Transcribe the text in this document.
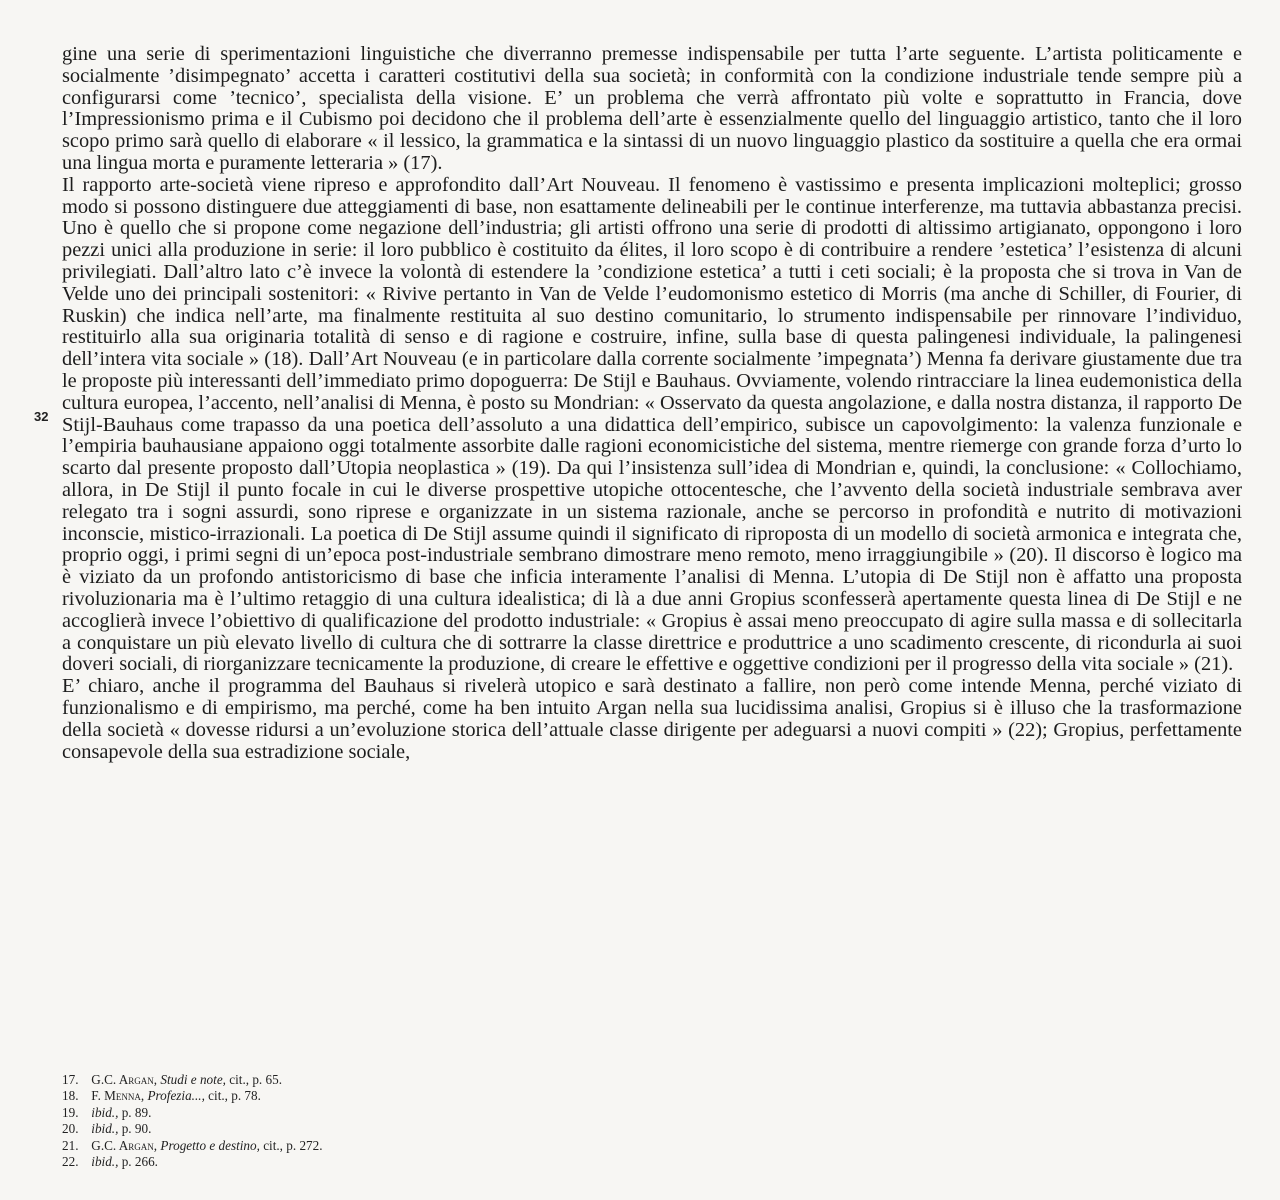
gine una serie di sperimentazioni linguistiche che diverranno premesse indispensabile per tutta l’arte seguente. L’artista politicamente e socialmente ’disimpegnato’ accetta i caratteri costitutivi della sua società; in conformità con la condizione industriale tende sempre più a configurarsi come ’tecnico’, specialista della visione. E’ un problema che verrà affrontato più volte e soprattutto in Francia, dove l’Impressionismo prima e il Cubismo poi decidono che il problema dell’arte è essenzialmente quello del linguaggio artistico, tanto che il loro scopo primo sarà quello di elaborare « il lessico, la grammatica e la sintassi di un nuovo linguaggio plastico da sostituire a quella che era ormai una lingua morta e puramente letteraria » (17).

Il rapporto arte-società viene ripreso e approfondito dall’Art Nouveau. Il fenomeno è vastissimo e presenta implicazioni molteplici; grosso modo si possono distinguere due atteggiamenti di base, non esattamente delineabili per le continue interferenze, ma tuttavia abbastanza precisi. Uno è quello che si propone come negazione dell’industria; gli artisti offrono una serie di prodotti di altissimo artigianato, oppongono i loro pezzi unici alla produzione in serie: il loro pubblico è costituito da élites, il loro scopo è di contribuire a rendere ’estetica’ l’esistenza di alcuni privilegiati. Dall’altro lato c’è invece la volontà di estendere la ’condizione estetica’ a tutti i ceti sociali; è la proposta che si trova in Van de Velde uno dei principali sostenitori: « Rivive pertanto in Van de Velde l’eudomonismo estetico di Morris (ma anche di Schiller, di Fourier, di Ruskin) che indica nell’arte, ma finalmente restituita al suo destino comunitario, lo strumento indispensabile per rinnovare l’individuo, restituirlo alla sua originaria totalità di senso e di ragione e costruire, infine, sulla base di questa palingenesi individuale, la palingenesi dell’intera vita sociale » (18). Dall’Art Nouveau (e in particolare dalla corrente socialmente ’impegnata’) Menna fa derivare giustamente due tra le proposte più interessanti dell’immediato primo dopoguerra: De Stijl e Bauhaus. Ovviamente, volendo rintracciare la linea eudemonistica della cultura europea, l’accento, nell’analisi di Menna, è posto su Mondrian: « Osservato da questa angolazione, e dalla nostra distanza, il rapporto De Stijl-Bauhaus come trapasso da una poetica dell’assoluto a una didattica dell’empirico, subisce un capovolgimento: la valenza funzionale e l’empiria bauhausiane appaiono oggi totalmente assorbite dalle ragioni economicistiche del sistema, mentre riemerge con grande forza d’urto lo scarto dal presente proposto dall’Utopia neoplastica » (19). Da qui l’insistenza sull’idea di Mondrian e, quindi, la conclusione: « Collochiamo, allora, in De Stijl il punto focale in cui le diverse prospettive utopiche ottocentesche, che l’avvento della società industriale sembrava aver relegato tra i sogni assurdi, sono riprese e organizzate in un sistema razionale, anche se percorso in profondità e nutrito di motivazioni inconscie, mistico-irrazionali. La poetica di De Stijl assume quindi il significato di riproposta di un modello di società armonica e integrata che, proprio oggi, i primi segni di un’epoca post-industriale sembrano dimostrare meno remoto, meno irraggiungibile » (20). Il discorso è logico ma è viziato da un profondo antistoricismo di base che inficia interamente l’analisi di Menna. L’utopia di De Stijl non è affatto una proposta rivoluzionaria ma è l’ultimo retaggio di una cultura idealistica; di là a due anni Gropius sconfesserà apertamente questa linea di De Stijl e ne accoglierà invece l’obiettivo di qualificazione del prodotto industriale: « Gropius è assai meno preoccupato di agire sulla massa e di sollecitarla a conquistare un più elevato livello di cultura che di sottrarre la classe direttrice e produttrice a uno scadimento crescente, di ricondurla ai suoi doveri sociali, di riorganizzare tecnicamente la produzione, di creare le effettive e oggettive condizioni per il progresso della vita sociale » (21).

E’ chiaro, anche il programma del Bauhaus si rivelerà utopico e sarà destinato a fallire, non però come intende Menna, perché viziato di funzionalismo e di empirismo, ma perché, come ha ben intuito Argan nella sua lucidissima analisi, Gropius si è illuso che la trasformazione della società « dovesse ridursi a un’evoluzione storica dell’attuale classe dirigente per adeguarsi a nuovi compiti » (22); Gropius, perfettamente consapevole della sua estradizione sociale,

32
17. G.C. Argan, Studi e note, cit., p. 65.
18. F. Menna, Profezia..., cit., p. 78.
19. ibid., p. 89.
20. ibid., p. 90.
21. G.C. Argan, Progetto e destino, cit., p. 272.
22. ibid., p. 266.
